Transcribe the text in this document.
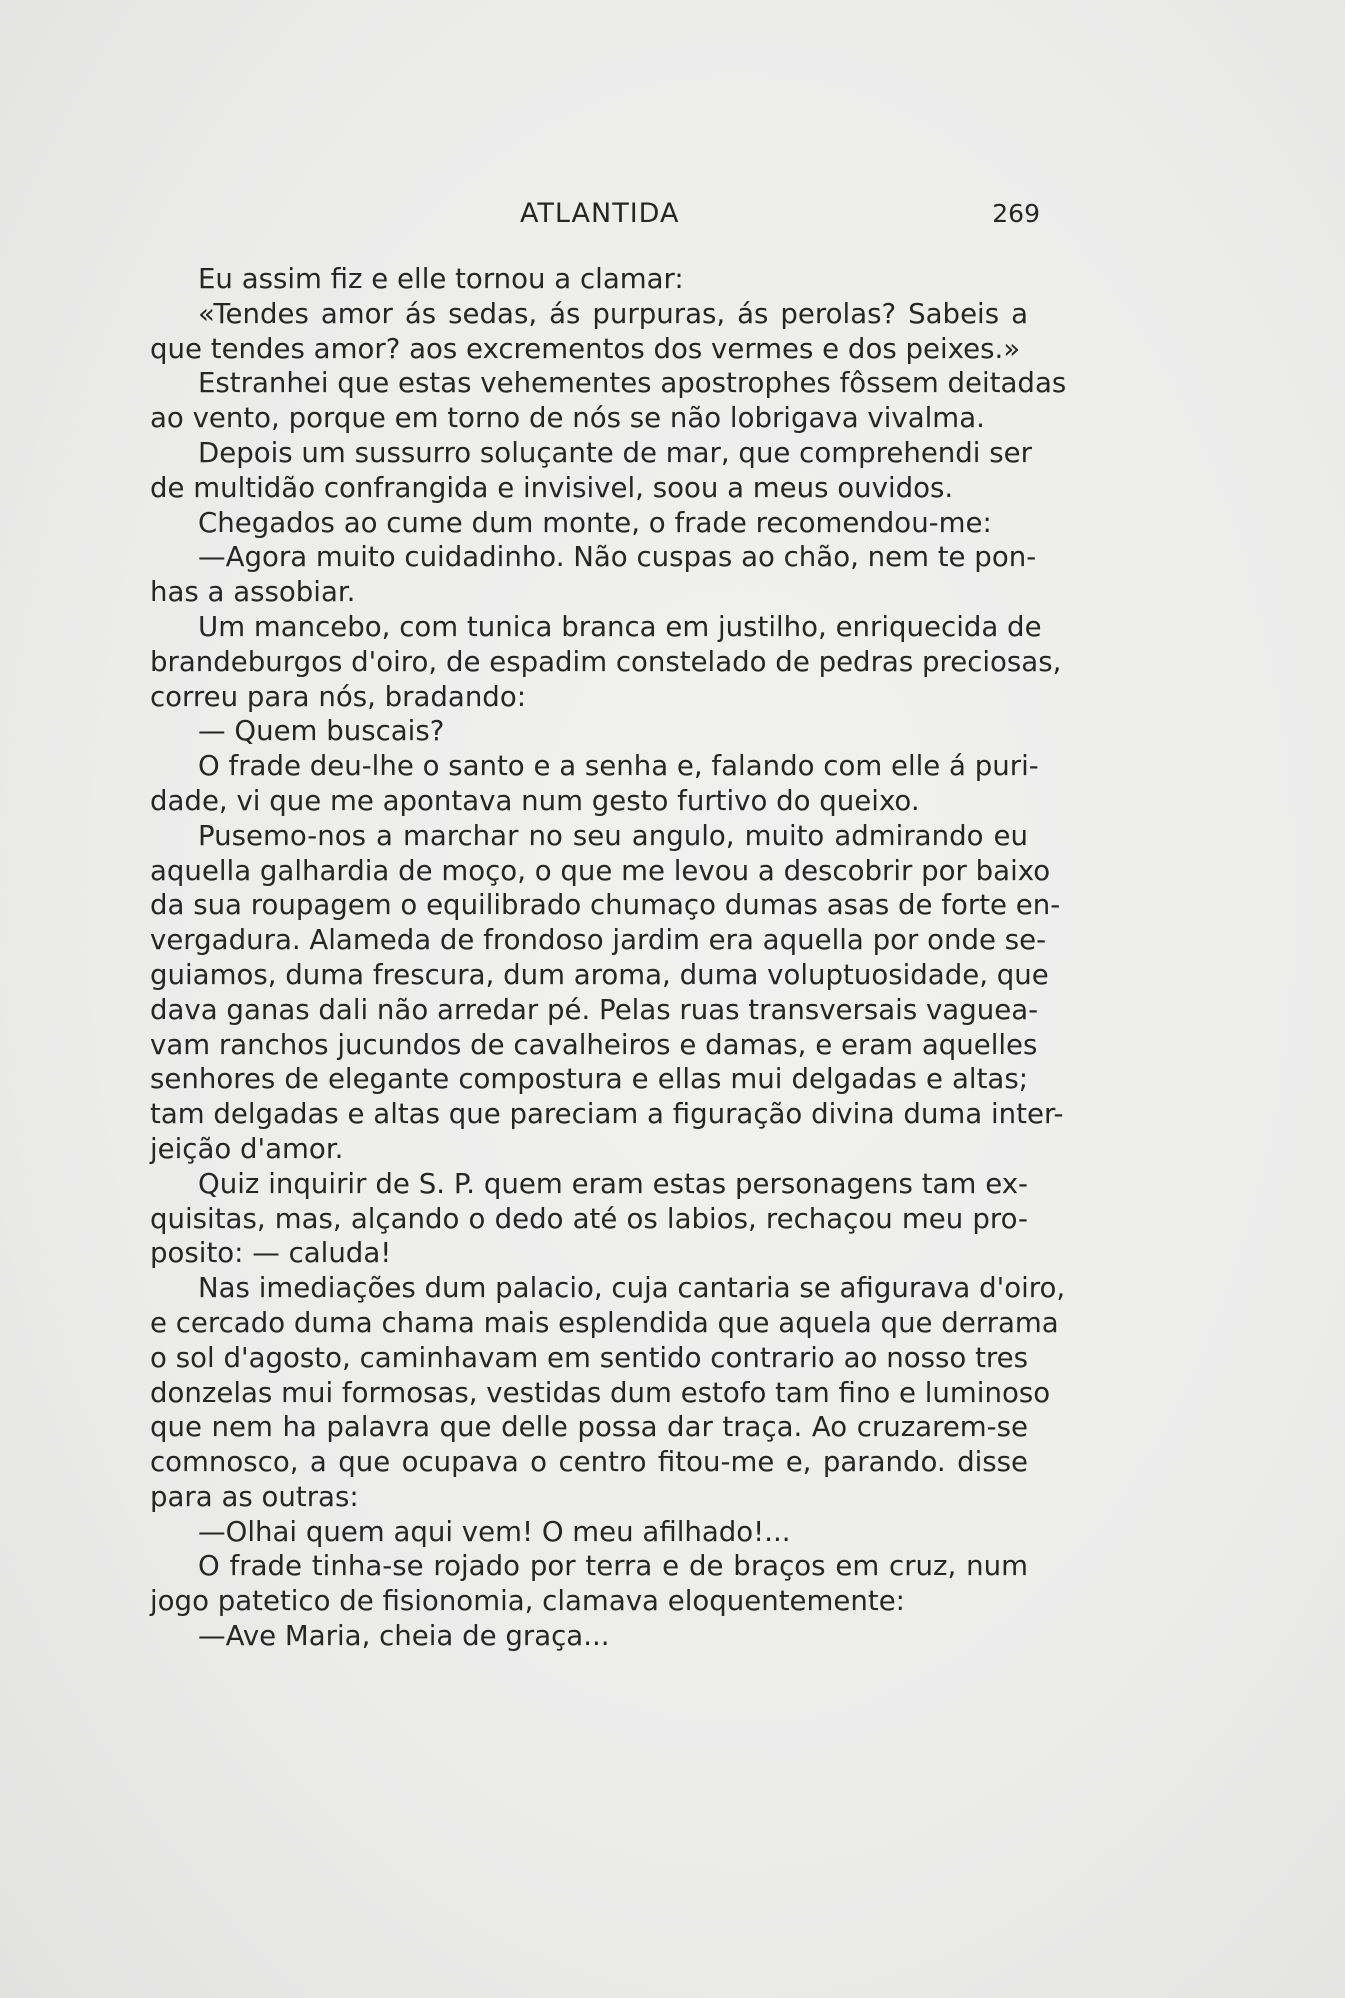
ATLANTIDA	269
Eu assim fiz e elle tornou a clamar:
«Tendes amor ás sedas, ás purpuras, ás perolas? Sabeis a
que tendes amor? aos excrementos dos vermes e dos peixes.»
Estranhei que estas vehementes apostrophes fôssem deitadas
ao vento, porque em torno de nós se não lobrigava vivalma.
Depois um sussurro soluçante de mar, que comprehendi ser
de multidão confrangida e invisivel, soou a meus ouvidos.
Chegados ao cume dum monte, o frade recomendou-me:
—Agora muito cuidadinho. Não cuspas ao chão, nem te pon-
has a assobiar.
Um mancebo, com tunica branca em justilho, enriquecida de
brandeburgos d'oiro, de espadim constelado de pedras preciosas,
correu para nós, bradando:
— Quem buscais?
O frade deu-lhe o santo e a senha e, falando com elle á puri-
dade, vi que me apontava num gesto furtivo do queixo.
Pusemo-nos a marchar no seu angulo, muito admirando eu
aquella galhardia de moço, o que me levou a descobrir por baixo
da sua roupagem o equilibrado chumaço dumas asas de forte en-
vergadura. Alameda de frondoso jardim era aquella por onde se-
guiamos, duma frescura, dum aroma, duma voluptuosidade, que
dava ganas dali não arredar pé. Pelas ruas transversais vaguea-
vam ranchos jucundos de cavalheiros e damas, e eram aquelles
senhores de elegante compostura e ellas mui delgadas e altas;
tam delgadas e altas que pareciam a figuração divina duma inter-
jeição d'amor.
Quiz inquirir de S. P. quem eram estas personagens tam ex-
quisitas, mas, alçando o dedo até os labios, rechaçou meu pro-
posito: — caluda!
Nas imediações dum palacio, cuja cantaria se afigurava d'oiro,
e cercado duma chama mais esplendida que aquela que derrama
o sol d'agosto, caminhavam em sentido contrario ao nosso tres
donzelas mui formosas, vestidas dum estofo tam fino e luminoso
que nem ha palavra que delle possa dar traça. Ao cruzarem-se
comnosco, a que ocupava o centro fitou-me e, parando. disse
para as outras:
—Olhai quem aqui vem! O meu afilhado!...
O frade tinha-se rojado por terra e de braços em cruz, num
jogo patetico de fisionomia, clamava eloquentemente:
—Ave Maria, cheia de graça...
